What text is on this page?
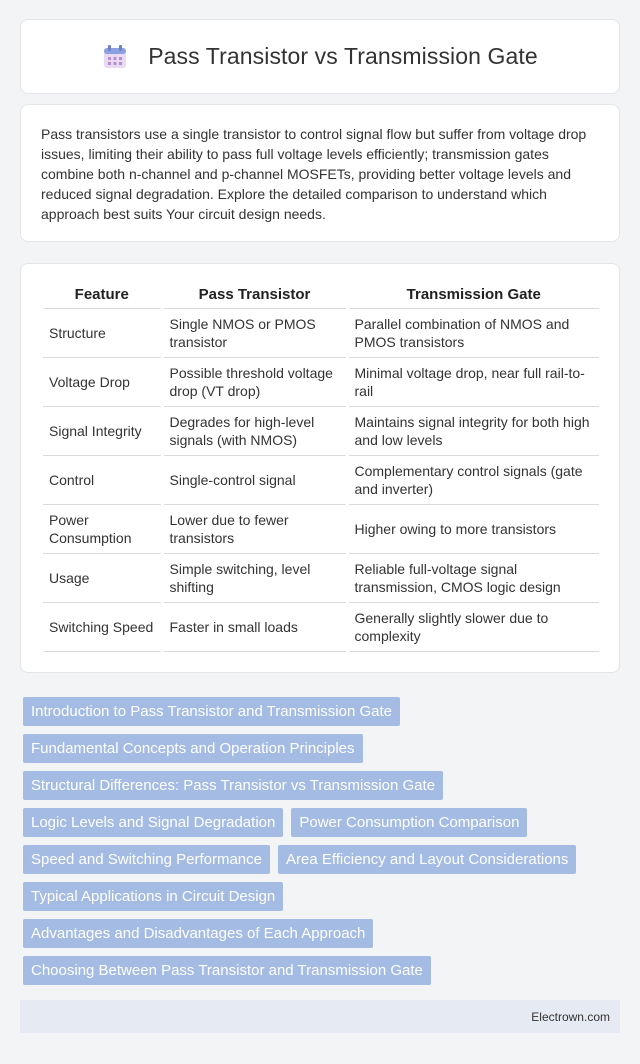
Pass Transistor vs Transmission Gate

Pass transistors use a single transistor to control signal flow but suffer from voltage drop issues, limiting their ability to pass full voltage levels efficiently; transmission gates combine both n-channel and p-channel MOSFETs, providing better voltage levels and reduced signal degradation. Explore the detailed comparison to understand which approach best suits Your circuit design needs.

Feature	Pass Transistor	Transmission Gate
Structure	Single NMOS or PMOS transistor	Parallel combination of NMOS and PMOS transistors
Voltage Drop	Possible threshold voltage drop (VT drop)	Minimal voltage drop, near full rail-to-rail
Signal Integrity	Degrades for high-level signals (with NMOS)	Maintains signal integrity for both high and low levels
Control	Single-control signal	Complementary control signals (gate and inverter)
Power Consumption	Lower due to fewer transistors	Higher owing to more transistors
Usage	Simple switching, level shifting	Reliable full-voltage signal transmission, CMOS logic design
Switching Speed	Faster in small loads	Generally slightly slower due to complexity
Introduction to Pass Transistor and Transmission Gate
Fundamental Concepts and Operation Principles
Structural Differences: Pass Transistor vs Transmission Gate
Logic Levels and Signal Degradation	Power Consumption Comparison
Speed and Switching Performance	Area Efficiency and Layout Considerations
Typical Applications in Circuit Design
Advantages and Disadvantages of Each Approach
Choosing Between Pass Transistor and Transmission Gate
Electrown.com
